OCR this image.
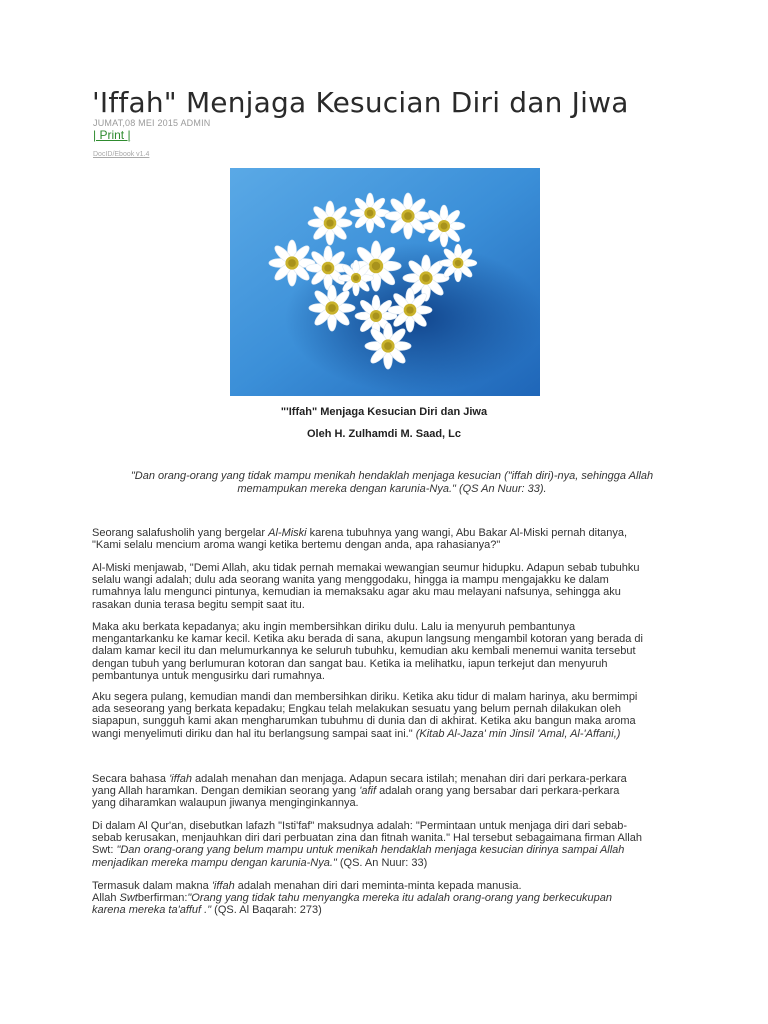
'Iffah" Menjaga Kesucian Diri dan Jiwa
JUMAT,08 MEI 2015 ADMIN
| Print |
DocID/Ebook v1.4
"'Iffah" Menjaga Kesucian Diri dan Jiwa
Oleh H. Zulhamdi M. Saad, Lc
"Dan orang-orang yang tidak mampu menikah hendaklah menjaga kesucian ("iffah diri)-nya, sehingga Allah
memampukan mereka dengan karunia-Nya." (QS An Nuur: 33).
Seorang salafusholih yang bergelar Al-Miski karena tubuhnya yang wangi, Abu Bakar Al-Miski pernah ditanya,
"Kami selalu mencium aroma wangi ketika bertemu dengan anda, apa rahasianya?"
Al-Miski menjawab, "Demi Allah, aku tidak pernah memakai wewangian seumur hidupku. Adapun sebab tubuhku
selalu wangi adalah; dulu ada seorang wanita yang menggodaku, hingga ia mampu mengajakku ke dalam
rumahnya lalu mengunci pintunya, kemudian ia memaksaku agar aku mau melayani nafsunya, sehingga aku
rasakan dunia terasa begitu sempit saat itu.
Maka aku berkata kepadanya; aku ingin membersihkan diriku dulu. Lalu ia menyuruh pembantunya
mengantarkanku ke kamar kecil. Ketika aku berada di sana, akupun langsung mengambil kotoran yang berada di
dalam kamar kecil itu dan melumurkannya ke seluruh tubuhku, kemudian aku kembali menemui wanita tersebut
dengan tubuh yang berlumuran kotoran dan sangat bau. Ketika ia melihatku, iapun terkejut dan menyuruh
pembantunya untuk mengusirku dari rumahnya.
Aku segera pulang, kemudian mandi dan membersihkan diriku. Ketika aku tidur di malam harinya, aku bermimpi
ada seseorang yang berkata kepadaku; Engkau telah melakukan sesuatu yang belum pernah dilakukan oleh
siapapun, sungguh kami akan mengharumkan tubuhmu di dunia dan di akhirat. Ketika aku bangun maka aroma
wangi menyelimuti diriku dan hal itu berlangsung sampai saat ini." (Kitab Al-Jaza' min Jinsil 'Amal, Al-'Affani,)
Secara bahasa 'iffah adalah menahan dan menjaga. Adapun secara istilah; menahan diri dari perkara-perkara
yang Allah haramkan. Dengan demikian seorang yang 'afif adalah orang yang bersabar dari perkara-perkara
yang diharamkan walaupun jiwanya menginginkannya.
Di dalam Al Qur'an, disebutkan lafazh "Isti'faf" maksudnya adalah: "Permintaan untuk menjaga diri dari sebab-
sebab kerusakan, menjauhkan diri dari perbuatan zina dan fitnah wanita." Hal tersebut sebagaimana firman Allah
Swt: "Dan orang-orang yang belum mampu untuk menikah hendaklah menjaga kesucian dirinya sampai Allah
menjadikan mereka mampu dengan karunia-Nya." (QS. An Nuur: 33)
Termasuk dalam makna 'iffah adalah menahan diri dari meminta-minta kepada manusia.
Allah Swtberfirman:"Orang yang tidak tahu menyangka mereka itu adalah orang-orang yang berkecukupan
karena mereka ta'affuf ." (QS. Al Baqarah: 273)
